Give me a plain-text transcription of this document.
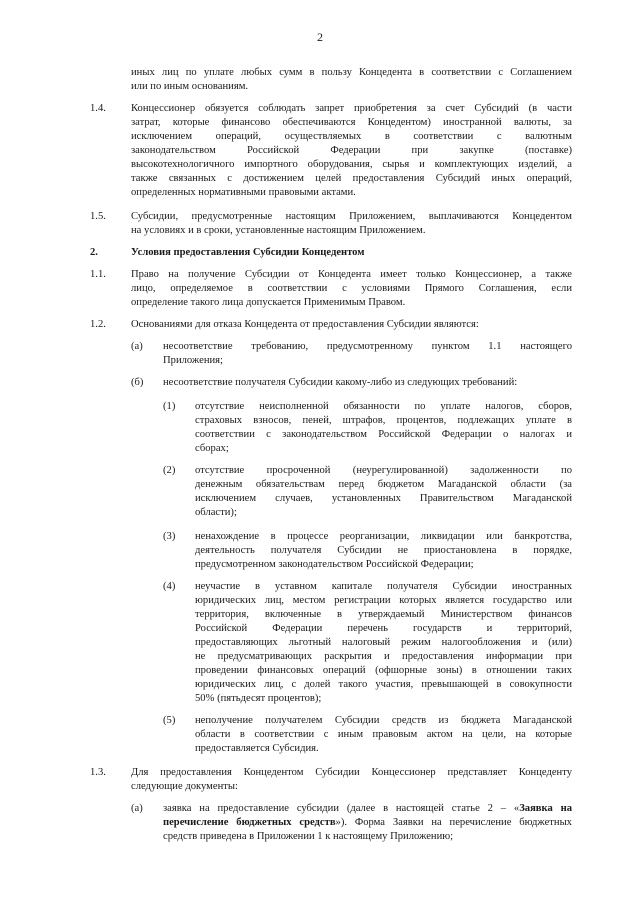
2
иных лиц по уплате любых сумм в пользу Концедента в соответствии с Соглашением
или по иным основаниям.
1.4. Концессионер обязуется соблюдать запрет приобретения за счет Субсидий (в части
затрат, которые финансово обеспечиваются Концедентом) иностранной валюты, за
исключением операций, осуществляемых в соответствии с валютным
законодательством Российской Федерации при закупке (поставке)
высокотехнологичного импортного оборудования, сырья и комплектующих изделий, а
также связанных с достижением целей предоставления Субсидий иных операций,
определенных нормативными правовыми актами.
1.5. Субсидии, предусмотренные настоящим Приложением, выплачиваются Концедентом
на условиях и в сроки, установленные настоящим Приложением.
2.	Условия предоставления Субсидии Концедентом
1.1. Право на получение Субсидии от Концедента имеет только Концессионер, а также
лицо, определяемое в соответствии с условиями Прямого Соглашения, если
определение такого лица допускается Применимым Правом.
1.2. Основаниями для отказа Концедента от предоставления Субсидии являются:
(а) несоответствие требованию, предусмотренному пунктом 1.1 настоящего
Приложения;
(б) несоответствие получателя Субсидии какому-либо из следующих требований:
(1) отсутствие неисполненной обязанности по уплате налогов, сборов,
страховых взносов, пеней, штрафов, процентов, подлежащих уплате в
соответствии с законодательством Российской Федерации о налогах и
сборах;
(2) отсутствие просроченной (неурегулированной) задолженности по
денежным обязательствам перед бюджетом Магаданской области (за
исключением случаев, установленных Правительством Магаданской
области);
(3) ненахождение в процессе реорганизации, ликвидации или банкротства,
деятельность получателя Субсидии не приостановлена в порядке,
предусмотренном законодательством Российской Федерации;
(4) неучастие в уставном капитале получателя Субсидии иностранных
юридических лиц, местом регистрации которых является государство или
территория, включенные в утверждаемый Министерством финансов
Российской Федерации перечень государств и территорий,
предоставляющих льготный налоговый режим налогообложения и (или)
не предусматривающих раскрытия и предоставления информации при
проведении финансовых операций (офшорные зоны) в отношении таких
юридических лиц, с долей такого участия, превышающей в совокупности
50% (пятьдесят процентов);
(5) неполучение получателем Субсидии средств из бюджета Магаданской
области в соответствии с иным правовым актом на цели, на которые
предоставляется Субсидия.
1.3. Для предоставления Концедентом Субсидии Концессионер представляет Концеденту
следующие документы:
(а) заявка на предоставление субсидии (далее в настоящей статье 2 – «Заявка на
перечисление бюджетных средств»). Форма Заявки на перечисление бюджетных
средств приведена в Приложении 1 к настоящему Приложению;
